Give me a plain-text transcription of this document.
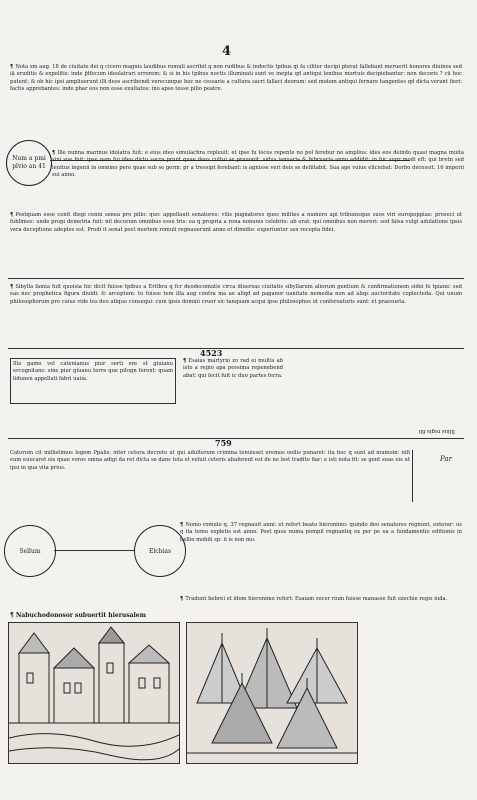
4
¶ Nota sm aug. 18 de ciuitate dei q cicero magnis laudibus romuli ascribit q non rudibus & indoctis tpibus qi fa ciliter decipi pterat fallebant meruerit honores diuinos sed iā eruditis & expolitis: inde p̄tfecum ideolatrari errorem: & si in his tpibus noctis illuminati sunt ve inepta qd antiqui lenibus mortuis decipiebantur: non decoris ? cū hoc putent: & ob hic ipsi ampliuerunt illi deos ascribendi verecunque hoc ne cessarie a cultura sacri fallaci deorum: sed motem antiqui fernare tangentes qd dicta verant fieri: factis apprebantes: inde phar eos non esse exultatos: ino apso tesse pilio peatre.
Num a pmi plvio an 41
¶ Ille nunna marinus idolatra fuit: e eius ideo simulachra repleuit: et ipse fu locos repente no pol ferebur no amplius: ides eos deindo quasi magna muita sini sue fuit: ipse nam fui ideo dictu sacra prunt quae deos cultui se prauonit: sidus ianuaria & februaria anno addidit: in hic supr modi eft: qui bretn sed lenitus ingenii in omnino pere quae sub se germ: pr a tressipt ferebant: is agnisse veri deis se defiitabit. Sua age vuiue eliciebat: Dorbo decessit. 16 imperii sui anno.
¶ Postquam esse cenit diegi cenni senea pro pilio: quo: appellauit senatores: vilis pugnatores quos milites a numero api tribunisque suos viri europoppiae: proseci ut fublimes: unde propi demetria fuit: nil decorum omnibus esse tris: ea q propria a rona nonunis celebrio: ab erat: qui omnibus non mereri: sed falsa vulgi adulatione ipsis vera deceptione adeptes est. Prodi it senat post mortem romuli regnauerunt anno et dimidio: experiuntur sex recepta fidei.
¶ Sibylla famia fuit quoisia hic dicit fuisse tpibus a Erithra q fcr deodecomatis circa diuersas ciuitatis sibyllarum aliorum gentium & confirmationem sidei fe tpiane: sed eas nec prophetica figura diuidi: fc arceptum: to fuisse tem illa aug contra ma ae aliqd ad paganor uanitate nemedia non ad aliqs auctoritate coplecteda. Qui unum philosophorum pro cuius vide tes deo atique consequi: cum ipsis domini cruor sic tanquam acqui ipse philosophos ut conferoaturis sunt: et praesueta.
4523
Ille gamo vel catenianus piur serti ere st giuianu ercognitans: sine piur giuanu terre que pitogn ferent: quam lidunen appellati fabri uaiia.
¶ Esaias martyrio zo rad ei multis ab isto a regio apa pessima repenebend abat: qui fecit fuit ic duo partes ferra.
Illius regis fili
759
Catorum cit millistimus legem Ppalis: inter cetera decreto ut qui adulterum crimina tenuisset eremos ooilis punaret: ita hoc q sunt ad mumoin: nifi eum euocaret eis quae voros omna adigi da ret dicta se dans tota et veluit ceteris abaferent est de ne lest tradito fiar: e isti nota fit: se gent suas eis ut ipsi in qua vita prius.
Par
Sellum	Elcbias
¶ Nomo romulo q. 37 regnauit anni: et refert beato hieronimo: quindo deo senatores regnunt, exterar: us q ita temo expletis est anno. Post quos numa pompil regnantiq ex per pe ea a fundamentio editionis in bellio mobili sp: ii is non mo.
¶ Tradunt hebrei et idem hieronimo refert: Esaiam socer rium fuisse manasse fuit ezechie regis iuda.
¶ Nabuchodonosor subuertit hierusalem
